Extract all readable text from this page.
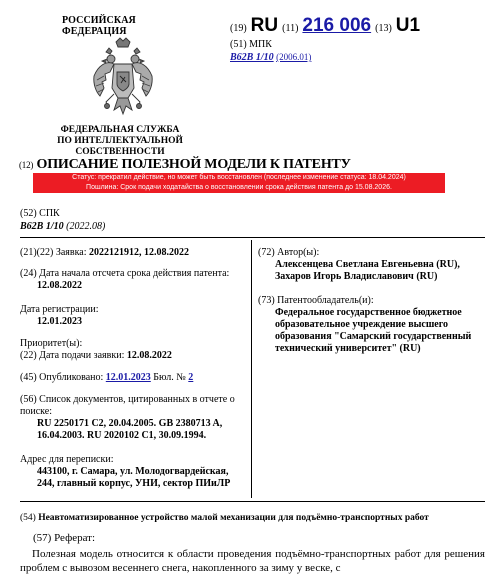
РОССИЙСКАЯ ФЕДЕРАЦИЯ
ФЕДЕРАЛЬНАЯ СЛУЖБА
ПО ИНТЕЛЛЕКТУАЛЬНОЙ СОБСТВЕННОСТИ
(19) RU (11) 216 006 (13) U1
(51) МПК
B62B 1/10 (2006.01)
(12) ОПИСАНИЕ ПОЛЕЗНОЙ МОДЕЛИ К ПАТЕНТУ
Статус: прекратил действие, но может быть восстановлен (последнее изменение статуса: 18.04.2024)
Пошлина: Срок подачи ходатайства о восстановлении срока действия патента до 15.08.2026.
(52) СПК
B62B 1/10 (2022.08)
(21)(22) Заявка: 2022121912, 12.08.2022
(24) Дата начала отсчета срока действия патента:
12.08.2022
Дата регистрации:
12.01.2023
Приоритет(ы):
(22) Дата подачи заявки: 12.08.2022
(45) Опубликовано: 12.01.2023 Бюл. № 2
(56) Список документов, цитированных в отчете о поиске:
RU 2250171 C2, 20.04.2005. GB 2380713 A, 16.04.2003. RU 2020102 C1, 30.09.1994.
Адрес для переписки:
443100, г. Самара, ул. Молодогвардейская, 244, главный корпус, УНИ, сектор ПИиЛР
(72) Автор(ы):
Алексенцева Светлана Евгеньевна (RU),
Захаров Игорь Владиславович (RU)
(73) Патентообладатель(и):
Федеральное государственное бюджетное образовательное учреждение высшего образования "Самарский государственный технический университет" (RU)
(54) Неавтоматизированное устройство малой механизации для подъёмно-транспортных работ
(57) Реферат:
Полезная модель относится к области проведения подъёмно-транспортных работ для решения проблем с вывозом весеннего снега, накопленного за зиму у веске, с
